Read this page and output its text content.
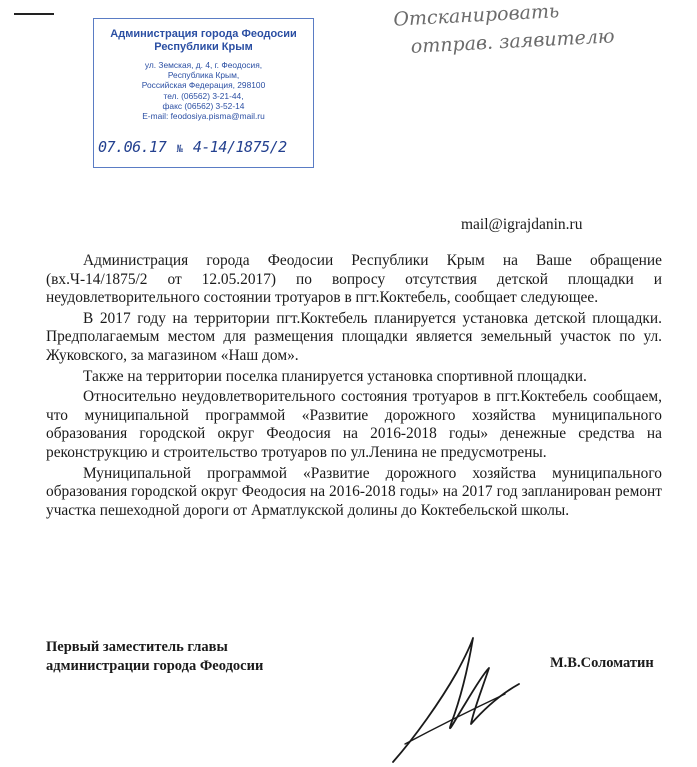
Администрация города Феодосии
Республики Крым
ул. Земская, д. 4, г. Феодосия,
Республика Крым,
Российская Федерация, 298100
тел. (06562) 3-21-44,
факс (06562) 3-52-14
E-mail: feodosiya.pisma@mail.ru
07.06.17 № 4-14/1875/2
Отсканировать
отправ. заявителю
mail@igrajdanin.ru

Администрация города Феодосии Республики Крым на Ваше обращение (вх.Ч-14/1875/2 от 12.05.2017) по вопросу отсутствия детской площадки и неудовлетворительного состоянии тротуаров в пгт.Коктебель, сообщает следующее.

В 2017 году на территории пгт.Коктебель планируется установка детской площадки. Предполагаемым местом для размещения площадки является земельный участок по ул. Жуковского, за магазином «Наш дом».

Также на территории поселка планируется установка спортивной площадки.

Относительно неудовлетворительного состояния тротуаров в пгт.Коктебель сообщаем, что муниципальной программой «Развитие дорожного хозяйства муниципального образования городской округ Феодосия на 2016-2018 годы» денежные средства на реконструкцию и строительство тротуаров по ул.Ленина не предусмотрены.

Муниципальной программой «Развитие дорожного хозяйства муниципального образования городской округ Феодосия на 2016-2018 годы» на 2017 год запланирован ремонт участка пешеходной дороги от Арматлукской долины до Коктебельской школы.

Первый заместитель главы
администрации города Феодосии	М.В.Соломатин
